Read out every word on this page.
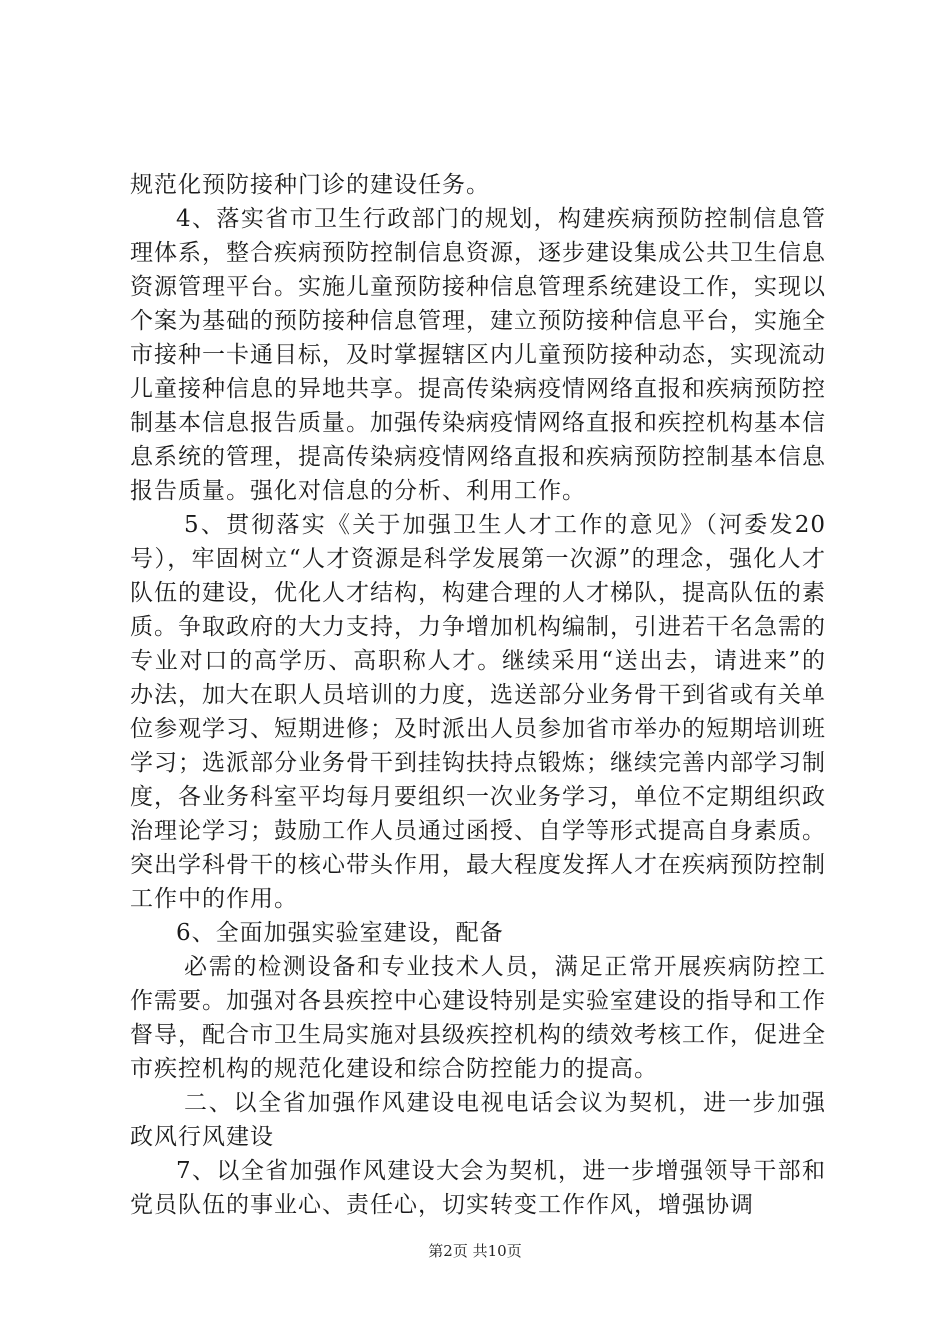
规范化预防接种门诊的建设任务。

4、落实省市卫生行政部门的规划，构建疾病预防控制信息管理体系，整合疾病预防控制信息资源，逐步建设集成公共卫生信息资源管理平台。实施儿童预防接种信息管理系统建设工作，实现以个案为基础的预防接种信息管理，建立预防接种信息平台，实施全市接种一卡通目标，及时掌握辖区内儿童预防接种动态，实现流动儿童接种信息的异地共享。提高传染病疫情网络直报和疾病预防控制基本信息报告质量。加强传染病疫情网络直报和疾控机构基本信息系统的管理，提高传染病疫情网络直报和疾病预防控制基本信息报告质量。强化对信息的分析、利用工作。

5、贯彻落实《关于加强卫生人才工作的意见》（河委发20号），牢固树立“人才资源是科学发展第一次源”的理念，强化人才队伍的建设，优化人才结构，构建合理的人才梯队，提高队伍的素质。争取政府的大力支持，力争增加机构编制，引进若干名急需的专业对口的高学历、高职称人才。继续采用“送出去，请进来”的办法，加大在职人员培训的力度，选送部分业务骨干到省或有关单位参观学习、短期进修；及时派出人员参加省市举办的短期培训班学习；选派部分业务骨干到挂钩扶持点锻炼；继续完善内部学习制度，各业务科室平均每月要组织一次业务学习，单位不定期组织政治理论学习；鼓励工作人员通过函授、自学等形式提高自身素质。突出学科骨干的核心带头作用，最大程度发挥人才在疾病预防控制工作中的作用。

6、全面加强实验室建设，配备

必需的检测设备和专业技术人员，满足正常开展疾病防控工作需要。加强对各县疾控中心建设特别是实验室建设的指导和工作督导，配合市卫生局实施对县级疾控机构的绩效考核工作，促进全市疾控机构的规范化建设和综合防控能力的提高。

二、以全省加强作风建设电视电话会议为契机，进一步加强政风行风建设

7、以全省加强作风建设大会为契机，进一步增强领导干部和党员队伍的事业心、责任心，切实转变工作作风，增强协调

第2页 共10页
